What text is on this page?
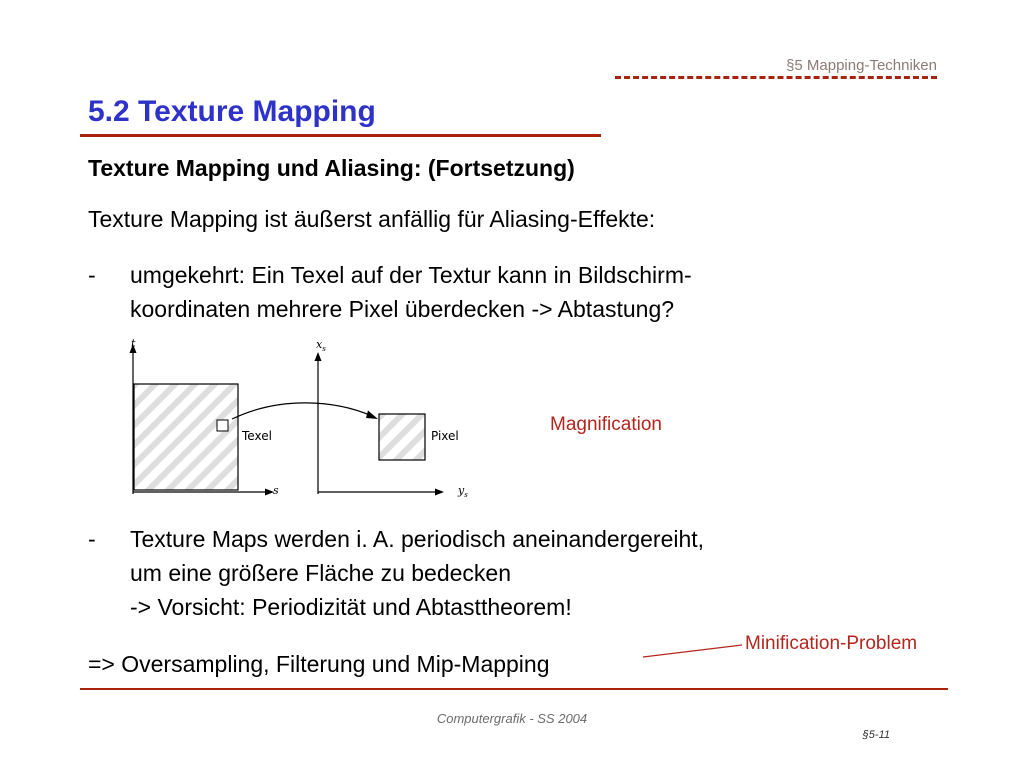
§5 Mapping-Techniken
5.2 Texture Mapping
Texture Mapping und Aliasing: (Fortsetzung)
Texture Mapping ist äußerst anfällig für Aliasing-Effekte:
- umgekehrt: Ein Texel auf der Textur kann in Bildschirm-
koordinaten mehrere Pixel überdecken -> Abtastung?
t
s
Texel
$x_s$
$y_s$
Pixel
Magnification
- Texture Maps werden i. A. periodisch aneinandergereiht,
um eine größere Fläche zu bedecken
-> Vorsicht: Periodizität und Abtasttheorem!
Minification-Problem
=> Oversampling, Filterung und Mip-Mapping
Computergrafik - SS 2004
§5-11
